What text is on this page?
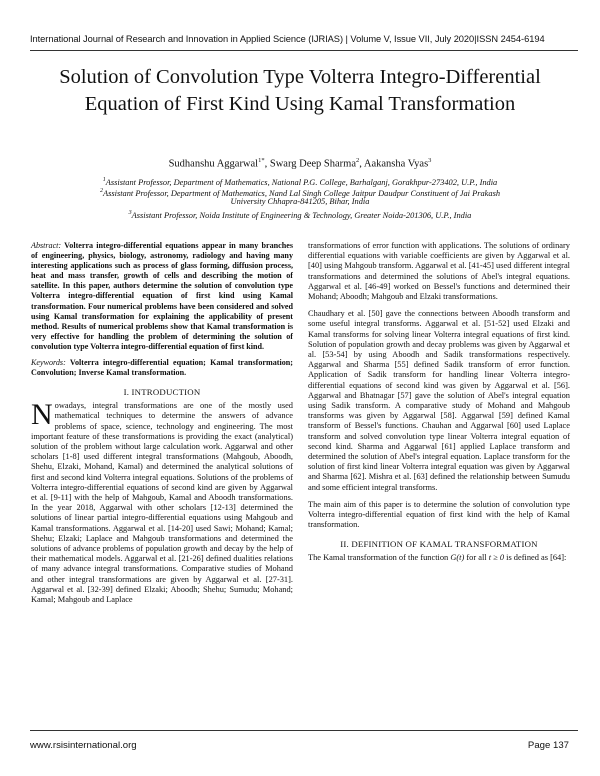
International Journal of Research and Innovation in Applied Science (IJRIAS) | Volume V, Issue VII, July 2020|ISSN 2454-6194
Solution of Convolution Type Volterra Integro-Differential Equation of First Kind Using Kamal Transformation
Sudhanshu Aggarwal$^{1*}$, Swarg Deep Sharma$^2$, Aakansha Vyas$^3$
$^1$Assistant Professor, Department of Mathematics, National P.G. College, Barhalganj, Gorakhpur-273402, U.P., India
$^2$Assistant Professor, Department of Mathematics, Nand Lal Singh College Jaitpur Daudpur Constituent of Jai Prakash
University Chhapra-841205, Bihar, India
$^3$Assistant Professor, Noida Institute of Engineering & Technology, Greater Noida-201306, U.P., India

Abstract: Volterra integro-differential equations appear in many branches of engineering, physics, biology, astronomy, radiology and having many interesting applications such as process of glass forming, diffusion process, heat and mass transfer, growth of cells and describing the motion of satellite. In this paper, authors determine the solution of convolution type Volterra integro-differential equation of first kind using Kamal transformation. Four numerical problems have been considered and solved using Kamal transformation for explaining the applicability of present method. Results of numerical problems show that Kamal transformation is very effective for handling the problem of determining the solution of convolution type Volterra integro-differential equation of first kind.

Keywords: Volterra integro-differential equation; Kamal transformation; Convolution; Inverse Kamal transformation.

I. INTRODUCTION

Nowadays, integral transformations are one of the mostly used mathematical techniques to determine the answers of advance problems of space, science, technology and engineering. The most important feature of these transformations is providing the exact (analytical) solution of the problem without large calculation work. Aggarwal and other scholars [1-8] used different integral transformations (Mahgoub, Aboodh, Shehu, Elzaki, Mohand, Kamal) and determined the analytical solutions of first and second kind Volterra integral equations. Solutions of the problems of Volterra integro-differential equations of second kind are given by Aggarwal et al. [9-11] with the help of Mahgoub, Kamal and Aboodh transformations. In the year 2018, Aggarwal with other scholars [12-13] determined the solutions of linear partial integro-differential equations using Mahgoub and Kamal transformations. Aggarwal et al. [14-20] used Sawi; Mohand; Kamal; Shehu; Elzaki; Laplace and Mahgoub transformations and determined the solutions of advance problems of population growth and decay by the help of their mathematical models. Aggarwal et al. [21-26] defined dualities relations of many advance integral transformations. Comparative studies of Mohand and other integral transformations are given by Aggarwal et al. [27-31]. Aggarwal et al. [32-39] defined Elzaki; Aboodh; Shehu; Sumudu; Mohand; Kamal; Mahgoub and Laplace

transformations of error function with applications. The solutions of ordinary differential equations with variable coefficients are given by Aggarwal et al. [40] using Mahgoub transform. Aggarwal et al. [41-45] used different integral transformations and determined the solutions of Abel's integral equations. Aggarwal et al. [46-49] worked on Bessel's functions and determined their Mohand; Aboodh; Mahgoub and Elzaki transformations.

Chaudhary et al. [50] gave the connections between Aboodh transform and some useful integral transforms. Aggarwal et al. [51-52] used Elzaki and Kamal transforms for solving linear Volterra integral equations of first kind. Solution of population growth and decay problems was given by Aggarwal et al. [53-54] by using Aboodh and Sadik transformations respectively. Aggarwal and Sharma [55] defined Sadik transform of error function. Application of Sadik transform for handling linear Volterra integro-differential equations of second kind was given by Aggarwal et al. [56]. Aggarwal and Bhatnagar [57] gave the solution of Abel's integral equation using Sadik transform. A comparative study of Mohand and Mahgoub transforms was given by Aggarwal [58]. Aggarwal [59] defined Kamal transform of Bessel's functions. Chauhan and Aggarwal [60] used Laplace transform and solved convolution type linear Volterra integral equation of second kind. Sharma and Aggarwal [61] applied Laplace transform and determined the solution of Abel's integral equation. Laplace transform for the solution of first kind linear Volterra integral equation was given by Aggarwal and Sharma [62]. Mishra et al. [63] defined the relationship between Sumudu and some efficient integral transforms.

The main aim of this paper is to determine the solution of convolution type Volterra integro-differential equation of first kind with the help of Kamal transformation.

II. DEFINITION OF KAMAL TRANSFORMATION

The Kamal transformation of the function G(t) for all t ≥ 0 is defined as [64]:

www.rsisinternational.org	Page 137
